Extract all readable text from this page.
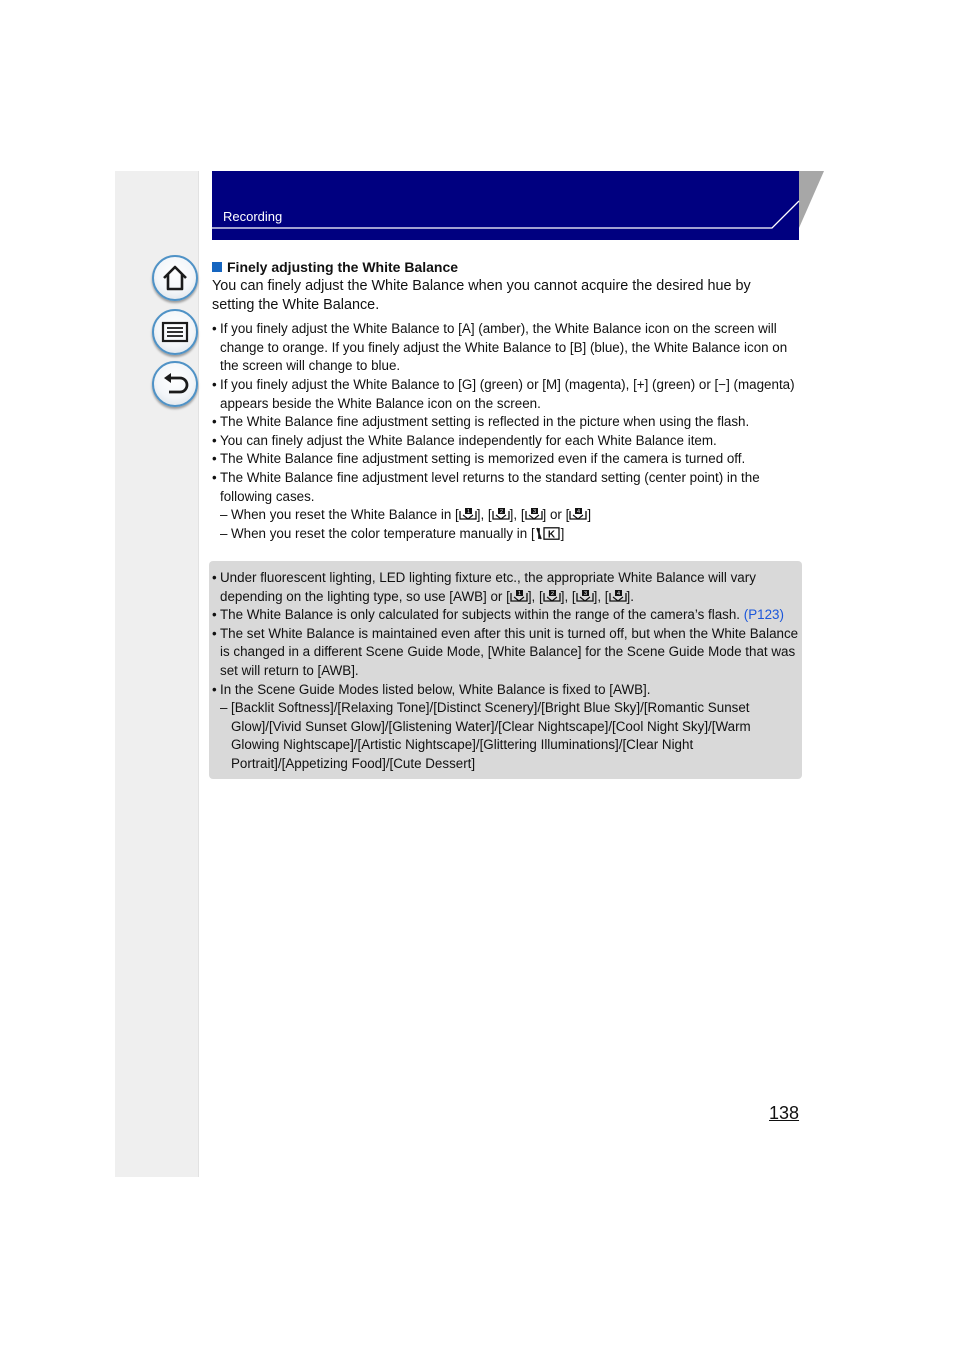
Recording

Finely adjusting the White Balance

You can finely adjust the White Balance when you cannot acquire the desired hue by setting the White Balance.

• If you finely adjust the White Balance to [A] (amber), the White Balance icon on the screen will change to orange. If you finely adjust the White Balance to [B] (blue), the White Balance icon on the screen will change to blue.

• If you finely adjust the White Balance to [G] (green) or [M] (magenta), [+] (green) or [−] (magenta) appears beside the White Balance icon on the screen.

• The White Balance fine adjustment setting is reflected in the picture when using the flash.

• You can finely adjust the White Balance independently for each White Balance item.

• The White Balance fine adjustment setting is memorized even if the camera is turned off.

• The White Balance fine adjustment level returns to the standard setting (center point) in the following cases.

– When you reset the White Balance in [ 1 ], [ 2 ], [ 3 ] or [ 4 ]

– When you reset the color temperature manually in [ K ]

• Under fluorescent lighting, LED lighting fixture etc., the appropriate White Balance will vary depending on the lighting type, so use [AWB] or [ 1 ], [ 2 ], [ 3 ], [ 4 ].

• The White Balance is only calculated for subjects within the range of the camera’s flash. (P123)

• The set White Balance is maintained even after this unit is turned off, but when the White Balance is changed in a different Scene Guide Mode, [White Balance] for the Scene Guide Mode that was set will return to [AWB].

• In the Scene Guide Modes listed below, White Balance is fixed to [AWB].

– [Backlit Softness]/[Relaxing Tone]/[Distinct Scenery]/[Bright Blue Sky]/[Romantic Sunset Glow]/[Vivid Sunset Glow]/[Glistening Water]/[Clear Nightscape]/[Cool Night Sky]/[Warm Glowing Nightscape]/[Artistic Nightscape]/[Glittering Illuminations]/[Clear Night Portrait]/[Appetizing Food]/[Cute Dessert]

138
